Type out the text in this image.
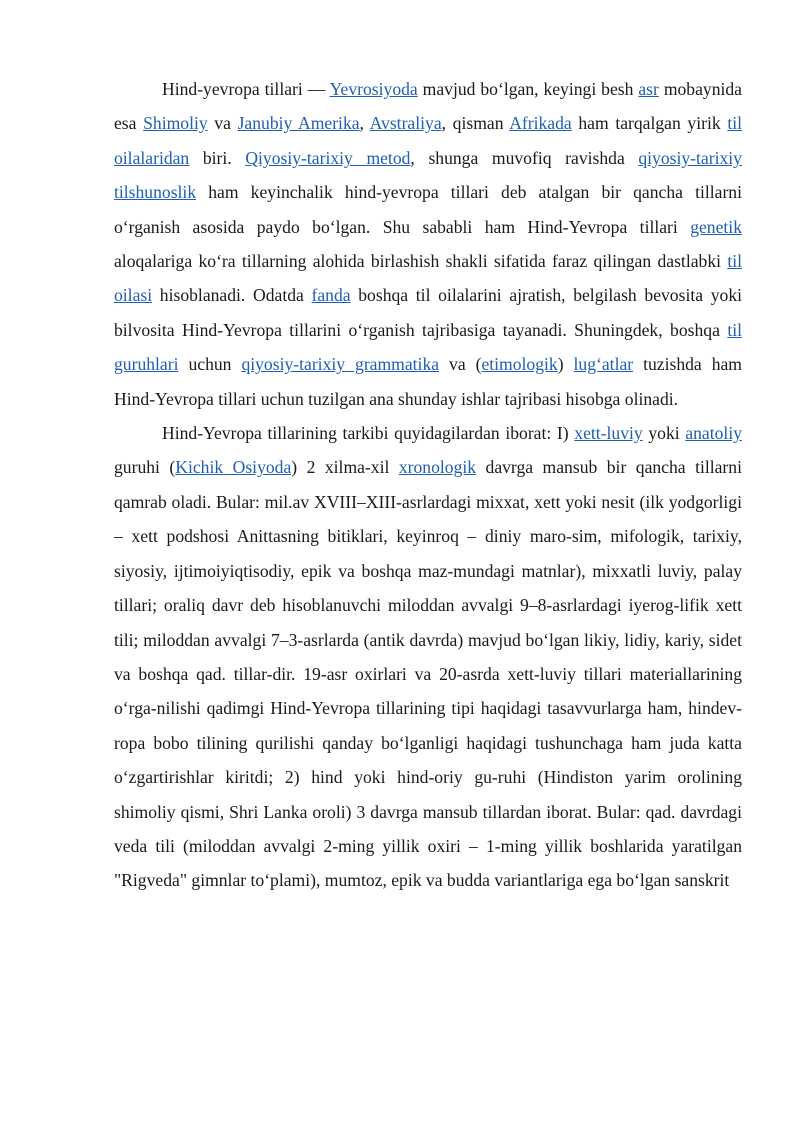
Hind-yevropa tillari — Yevrosiyoda mavjud boʻlgan, keyingi besh asr mobaynida esa Shimoliy va Janubiy Amerika, Avstraliya, qisman Afrikada ham tarqalgan yirik til oilalaridan biri. Qiyosiy-tarixiy metod, shunga muvofiq ravishda qiyosiy-tarixiy tilshunoslik ham keyinchalik hind-yevropa tillari deb atalgan bir qancha tillarni oʻrganish asosida paydo boʻlgan. Shu sababli ham Hind-Yevropa tillari genetik aloqalariga koʻra tillarning alohida birlashish shakli sifatida faraz qilingan dastlabki til oilasi hisoblanadi. Odatda fanda boshqa til oilalarini ajratish, belgilash bevosita yoki bilvosita Hind-Yevropa tillarini oʻrganish tajribasiga tayanadi. Shuningdek, boshqa til guruhlari uchun qiyosiy-tarixiy grammatika va (etimologik) lugʻatlar tuzishda ham Hind-Yevropa tillari uchun tuzilgan ana shunday ishlar tajribasi hisobga olinadi.

Hind-Yevropa tillarining tarkibi quyidagilardan iborat: I) xett-luviy yoki anatoliy guruhi (Kichik Osiyoda) 2 xilma-xil xronologik davrga mansub bir qancha tillarni qamrab oladi. Bular: mil.av XVIII–XIII-asrlardagi mixxat, xett yoki nesit (ilk yodgorligi – xett podshosi Anittasning bitiklari, keyinroq – diniy maro-sim, mifologik, tarixiy, siyosiy, ijtimoiyiqtisodiy, epik va boshqa maz-mundagi matnlar), mixxatli luviy, palay tillari; oraliq davr deb hisoblanuvchi miloddan avvalgi 9–8-asrlardagi iyerog-lifik xett tili; miloddan avvalgi 7–3-asrlarda (antik davrda) mavjud boʻlgan likiy, lidiy, kariy, sidet va boshqa qad. tillar-dir. 19-asr oxirlari va 20-asrda xett-luviy tillari materiallarining oʻrga-nilishi qadimgi Hind-Yevropa tillarining tipi haqidagi tasavvurlarga ham, hindev-ropa bobo tilining qurilishi qanday boʻlganligi haqidagi tushunchaga ham juda katta oʻzgartirishlar kiritdi; 2) hind yoki hind-oriy gu-ruhi (Hindiston yarim orolining shimoliy qismi, Shri Lanka oroli) 3 davrga mansub tillardan iborat. Bular: qad. davrdagi veda tili (miloddan avvalgi 2-ming yillik oxiri – 1-ming yillik boshlarida yaratilgan "Rigveda" gimnlar toʻplami), mumtoz, epik va budda variantlariga ega boʻlgan sanskrit
